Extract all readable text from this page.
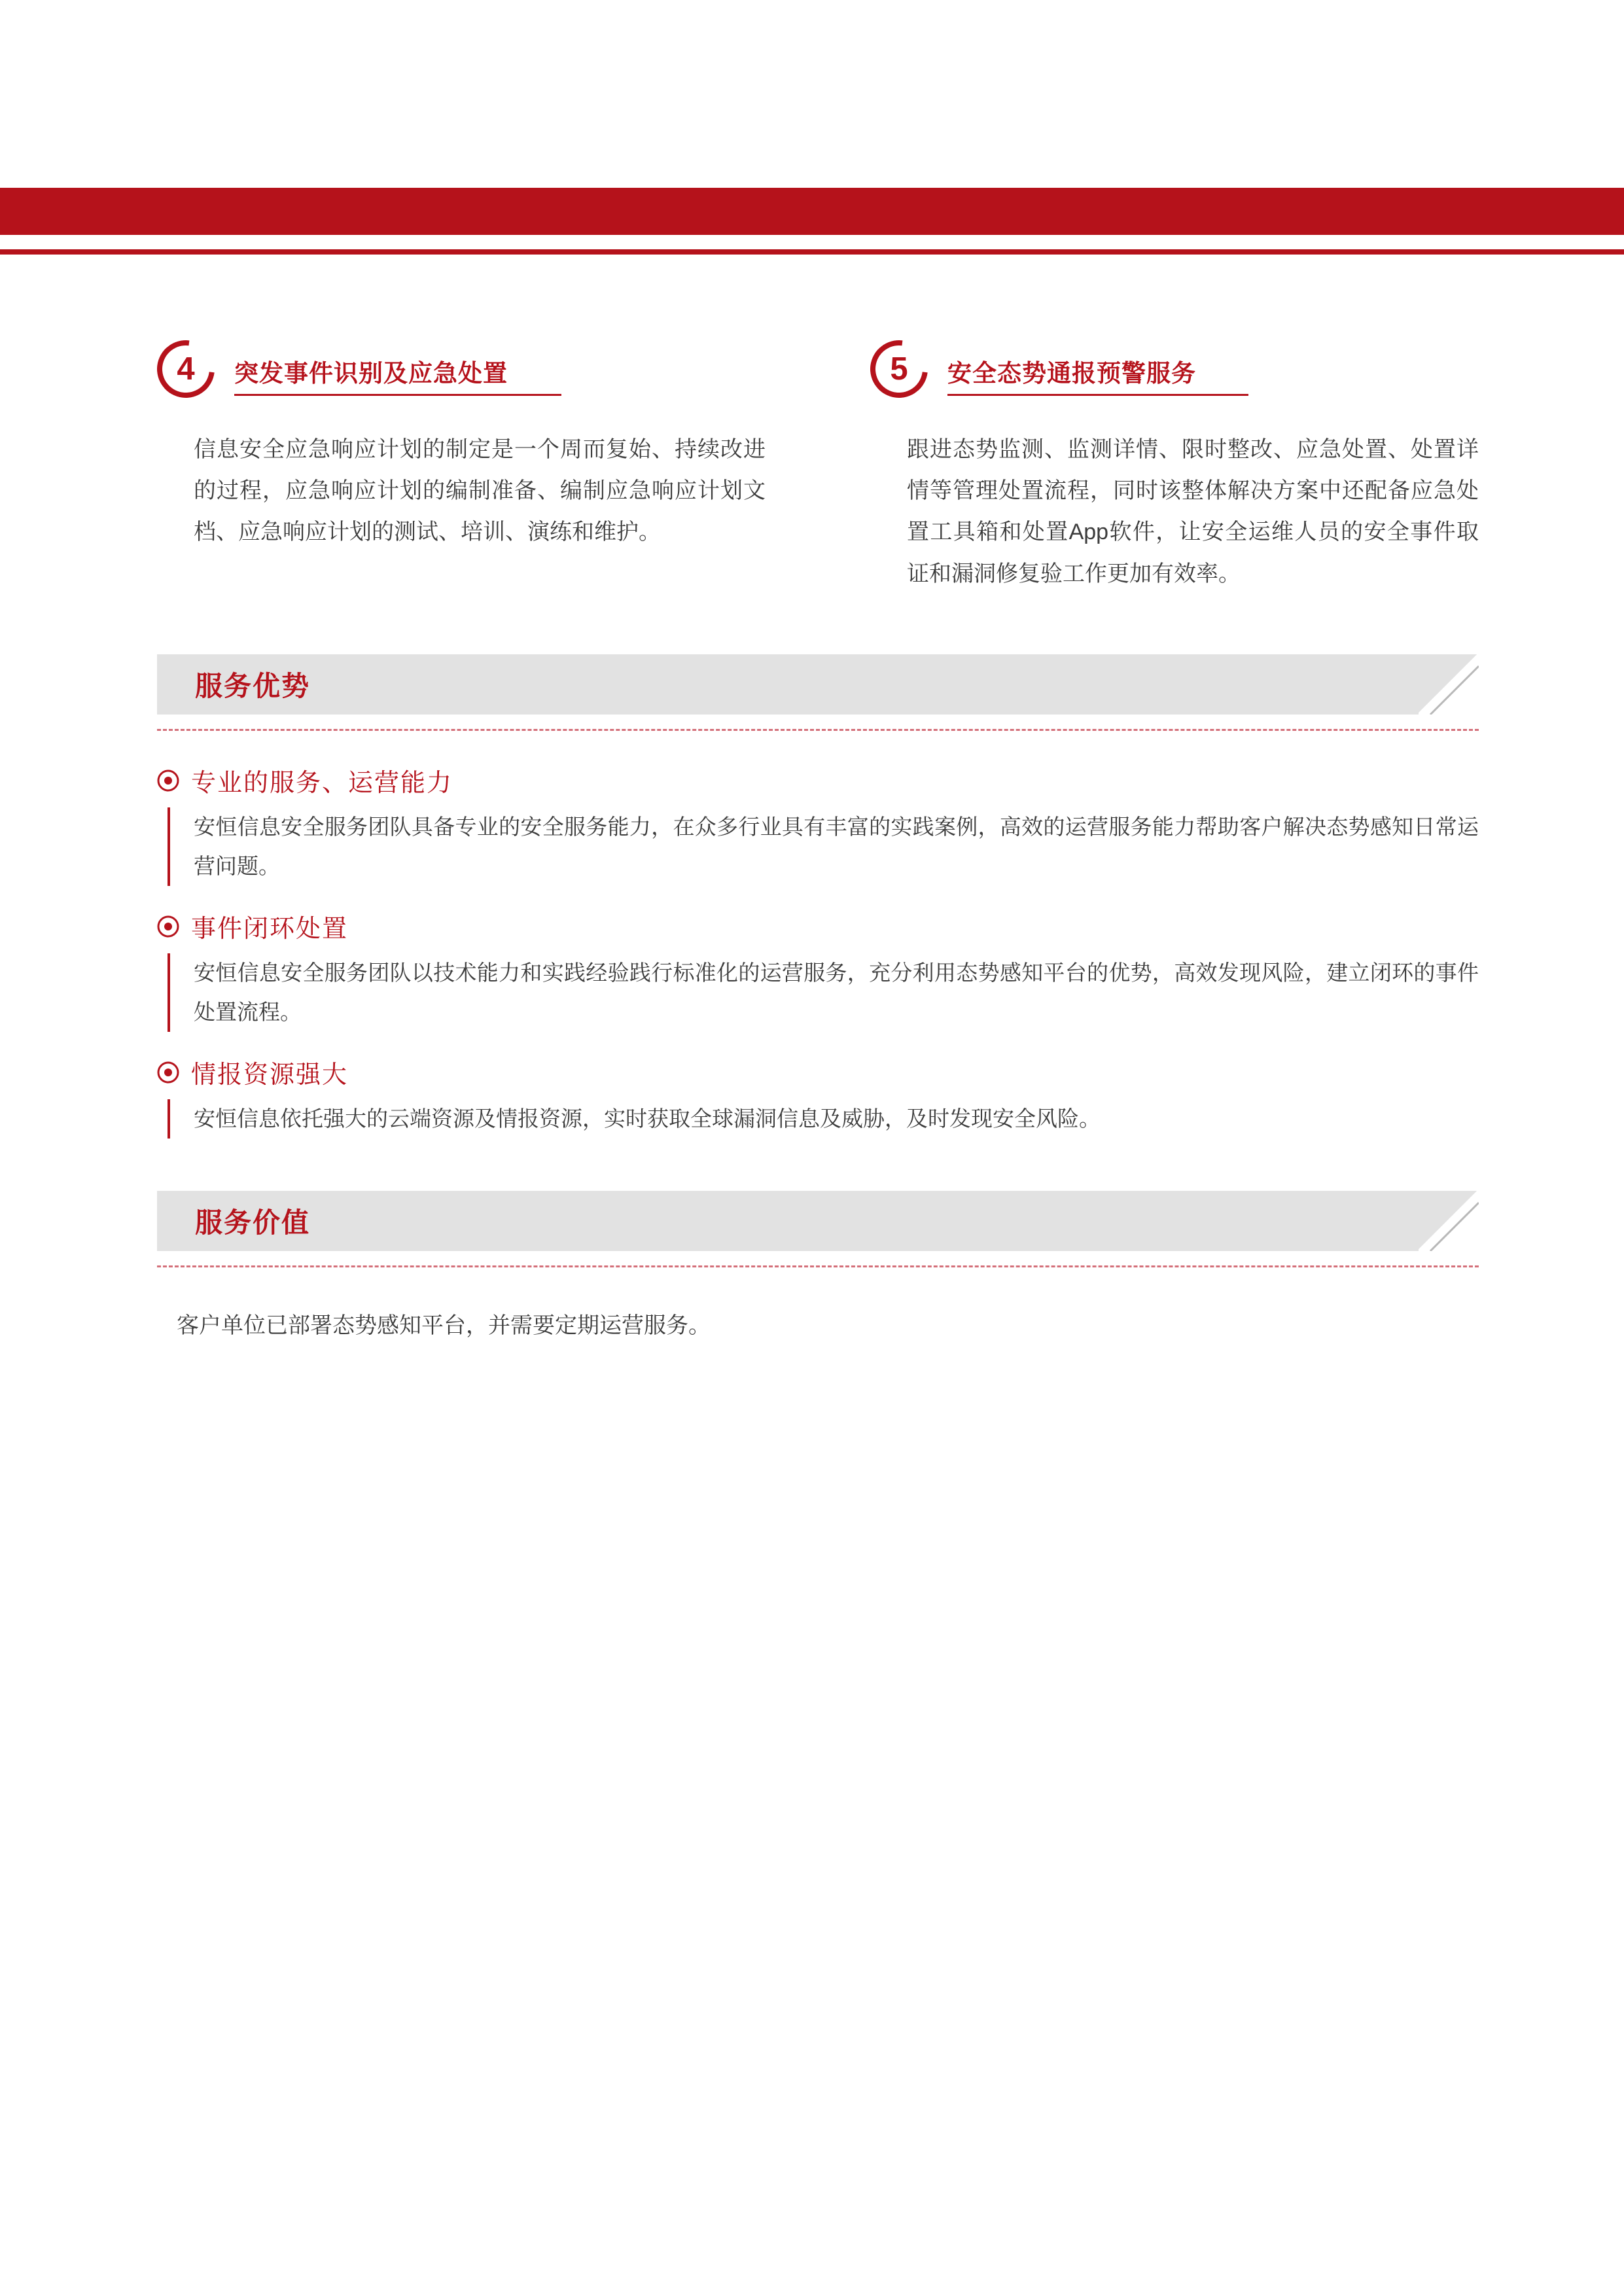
4	突发事件识别及应急处置
信息安全应急响应计划的制定是一个周而复始、持续改进的过程，应急响应计划的编制准备、编制应急响应计划文档、应急响应计划的测试、培训、演练和维护。
5	安全态势通报预警服务
跟进态势监测、监测详情、限时整改、应急处置、处置详情等管理处置流程，同时该整体解决方案中还配备应急处置工具箱和处置App软件，让安全运维人员的安全事件取证和漏洞修复验工作更加有效率。
服务优势
专业的服务、运营能力
安恒信息安全服务团队具备专业的安全服务能力，在众多行业具有丰富的实践案例，高效的运营服务能力帮助客户解决态势感知日常运营问题。
事件闭环处置
安恒信息安全服务团队以技术能力和实践经验践行标准化的运营服务，充分利用态势感知平台的优势，高效发现风险，建立闭环的事件处置流程。
情报资源强大
安恒信息依托强大的云端资源及情报资源，实时获取全球漏洞信息及威胁，及时发现安全风险。
服务价值
客户单位已部署态势感知平台，并需要定期运营服务。
